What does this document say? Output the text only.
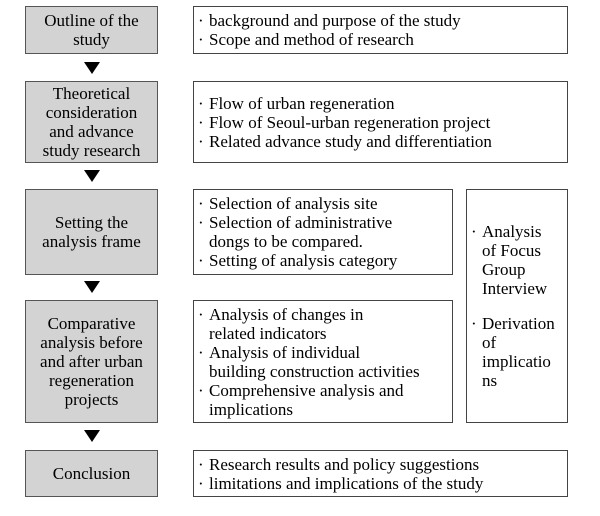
Outline of the
study
Theoretical
consideration
and advance
study research
Setting the
analysis frame
Comparative
analysis before
and after urban
regeneration
projects
Conclusion
· background and purpose of the study
· Scope and method of research
· Flow of urban regeneration
· Flow of Seoul-urban regeneration project
· Related advance study and differentiation
· Selection of analysis site
· Selection of administrative
dongs to be compared.
· Setting of analysis category
· Analysis of changes in
related indicators
· Analysis of individual
building construction activities
· Comprehensive analysis and
implications
· Analysis
of Focus
Group
Interview
· Derivation
of
implicatio
ns
· Research results and policy suggestions
· limitations and implications of the study
